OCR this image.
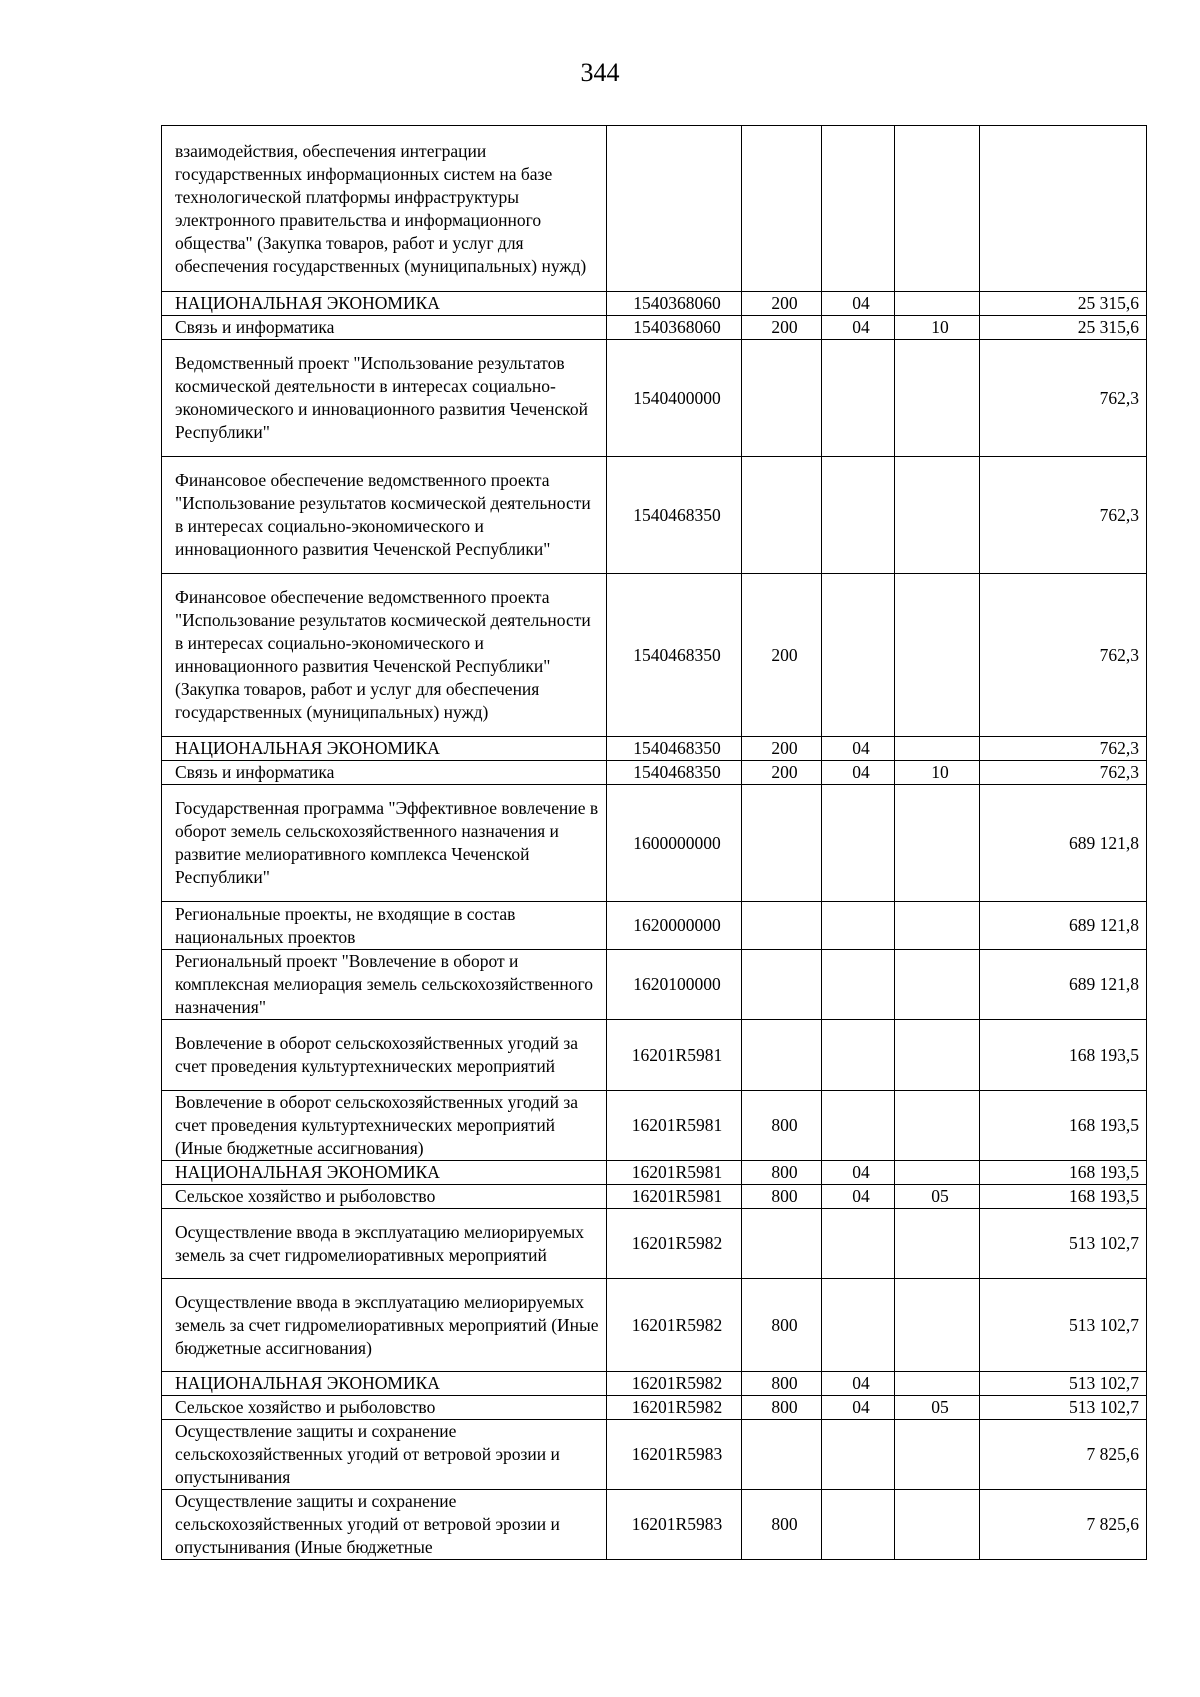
344
взаимодействия, обеспечения интеграции государственных информационных систем на базе технологической платформы инфраструктуры электронного правительства и информационного общества" (Закупка товаров, работ и услуг для обеспечения государственных (муниципальных) нужд)					
НАЦИОНАЛЬНАЯ ЭКОНОМИКА	1540368060	200	04		25 315,6
Связь и информатика	1540368060	200	04	10	25 315,6
Ведомственный проект "Использование результатов космической деятельности в интересах социально-экономического и инновационного развития Чеченской Республики"	1540400000				762,3
Финансовое обеспечение ведомственного проекта "Использование результатов космической деятельности в интересах социально-экономического и инновационного развития Чеченской Республики"	1540468350				762,3
Финансовое обеспечение ведомственного проекта "Использование результатов космической деятельности в интересах социально-экономического и инновационного развития Чеченской Республики" (Закупка товаров, работ и услуг для обеспечения государственных (муниципальных) нужд)	1540468350	200			762,3
НАЦИОНАЛЬНАЯ ЭКОНОМИКА	1540468350	200	04		762,3
Связь и информатика	1540468350	200	04	10	762,3
Государственная программа "Эффективное вовлечение в оборот земель сельскохозяйственного назначения и развитие мелиоративного комплекса Чеченской Республики"	1600000000				689 121,8
Региональные проекты, не входящие в состав национальных проектов	1620000000				689 121,8
Региональный проект "Вовлечение в оборот и комплексная мелиорация земель сельскохозяйственного назначения"	1620100000				689 121,8
Вовлечение в оборот сельскохозяйственных угодий за счет проведения культуртехнических мероприятий	16201R5981				168 193,5
Вовлечение в оборот сельскохозяйственных угодий за счет проведения культуртехнических мероприятий (Иные бюджетные ассигнования)	16201R5981	800			168 193,5
НАЦИОНАЛЬНАЯ ЭКОНОМИКА	16201R5981	800	04		168 193,5
Сельское хозяйство и рыболовство	16201R5981	800	04	05	168 193,5
Осуществление ввода в эксплуатацию мелиорируемых земель за счет гидромелиоративных мероприятий	16201R5982				513 102,7
Осуществление ввода в эксплуатацию мелиорируемых земель за счет гидромелиоративных мероприятий (Иные бюджетные ассигнования)	16201R5982	800			513 102,7
НАЦИОНАЛЬНАЯ ЭКОНОМИКА	16201R5982	800	04		513 102,7
Сельское хозяйство и рыболовство	16201R5982	800	04	05	513 102,7
Осуществление защиты и сохранение сельскохозяйственных угодий от ветровой эрозии и опустынивания	16201R5983				7 825,6
Осуществление защиты и сохранение сельскохозяйственных угодий от ветровой эрозии и опустынивания (Иные бюджетные	16201R5983	800			7 825,6
